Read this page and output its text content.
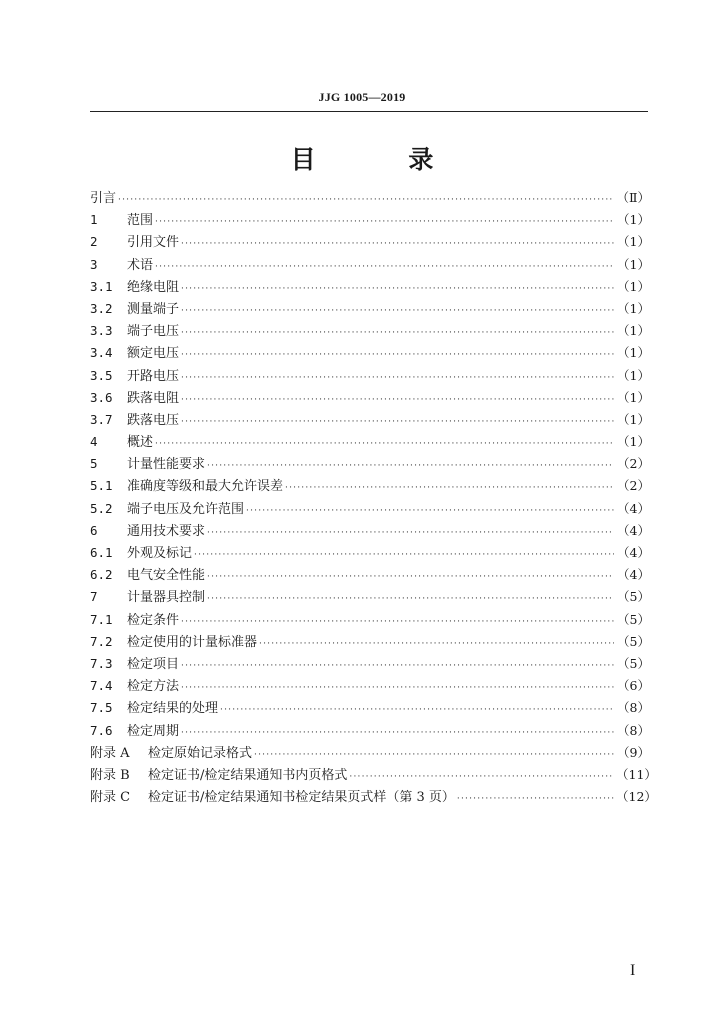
JJG 1005—2019
目 录
引言 ·····	（Ⅱ）
1	范围 ·····	（1）
2	引用文件 ·····	（1）
3	术语 ·····	（1）
3.1	绝缘电阻 ·····	（1）
3.2	测量端子 ·····	（1）
3.3	端子电压 ·····	（1）
3.4	额定电压 ·····	（1）
3.5	开路电压 ·····	（1）
3.6	跌落电阻 ·····	（1）
3.7	跌落电压 ·····	（1）
4	概述 ·····	（1）
5	计量性能要求 ·····	（2）
5.1	准确度等级和最大允许误差 ·····	（2）
5.2	端子电压及允许范围 ·····	（4）
6	通用技术要求 ·····	（4）
6.1	外观及标记 ·····	（4）
6.2	电气安全性能 ·····	（4）
7	计量器具控制 ·····	（5）
7.1	检定条件 ·····	（5）
7.2	检定使用的计量标准器 ·····	（5）
7.3	检定项目 ·····	（5）
7.4	检定方法 ·····	（6）
7.5	检定结果的处理 ·····	（8）
7.6	检定周期 ·····	（8）
附录 A	检定原始记录格式 ·····	（9）
附录 B	检定证书/检定结果通知书内页格式 ·····	（11）
附录 C	检定证书/检定结果通知书检定结果页式样（第 3 页） ·····	（12）
I
